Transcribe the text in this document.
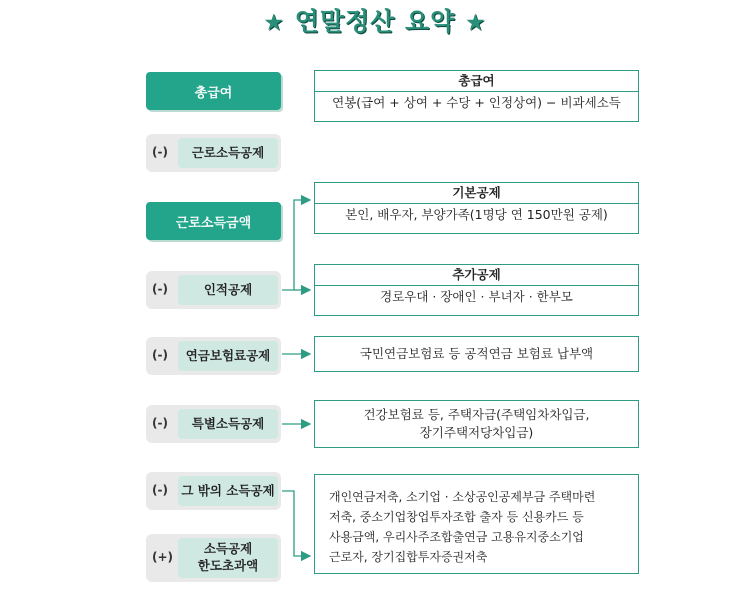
★ 연말정산 요약 ★
총급여
총급여
연봉(급여 + 상여 + 수당 + 인정상여) − 비과세소득
(-)	근로소득공제
근로소득금액
기본공제
본인, 배우자, 부양가족(1명당 연 150만원 공제)
(-)	인적공제
추가공제
경로우대 · 장애인 · 부녀자 · 한부모
(-)	연금보험료공제	국민연금보험료 등 공적연금 보험료 납부액
(-)	특별소득공제
건강보험료 등, 주택자금(주택임차차입금,
장기주택저당차입금)
(-) 그 밖의 소득공제
(+)
소득공제
한도초과액
개인연금저축, 소기업 · 소상공인공제부금 주택마련
저축, 중소기업창업투자조합 출자 등 신용카드 등
사용금액, 우리사주조합출연금 고용유지중소기업
근로자, 장기집합투자증권저축
